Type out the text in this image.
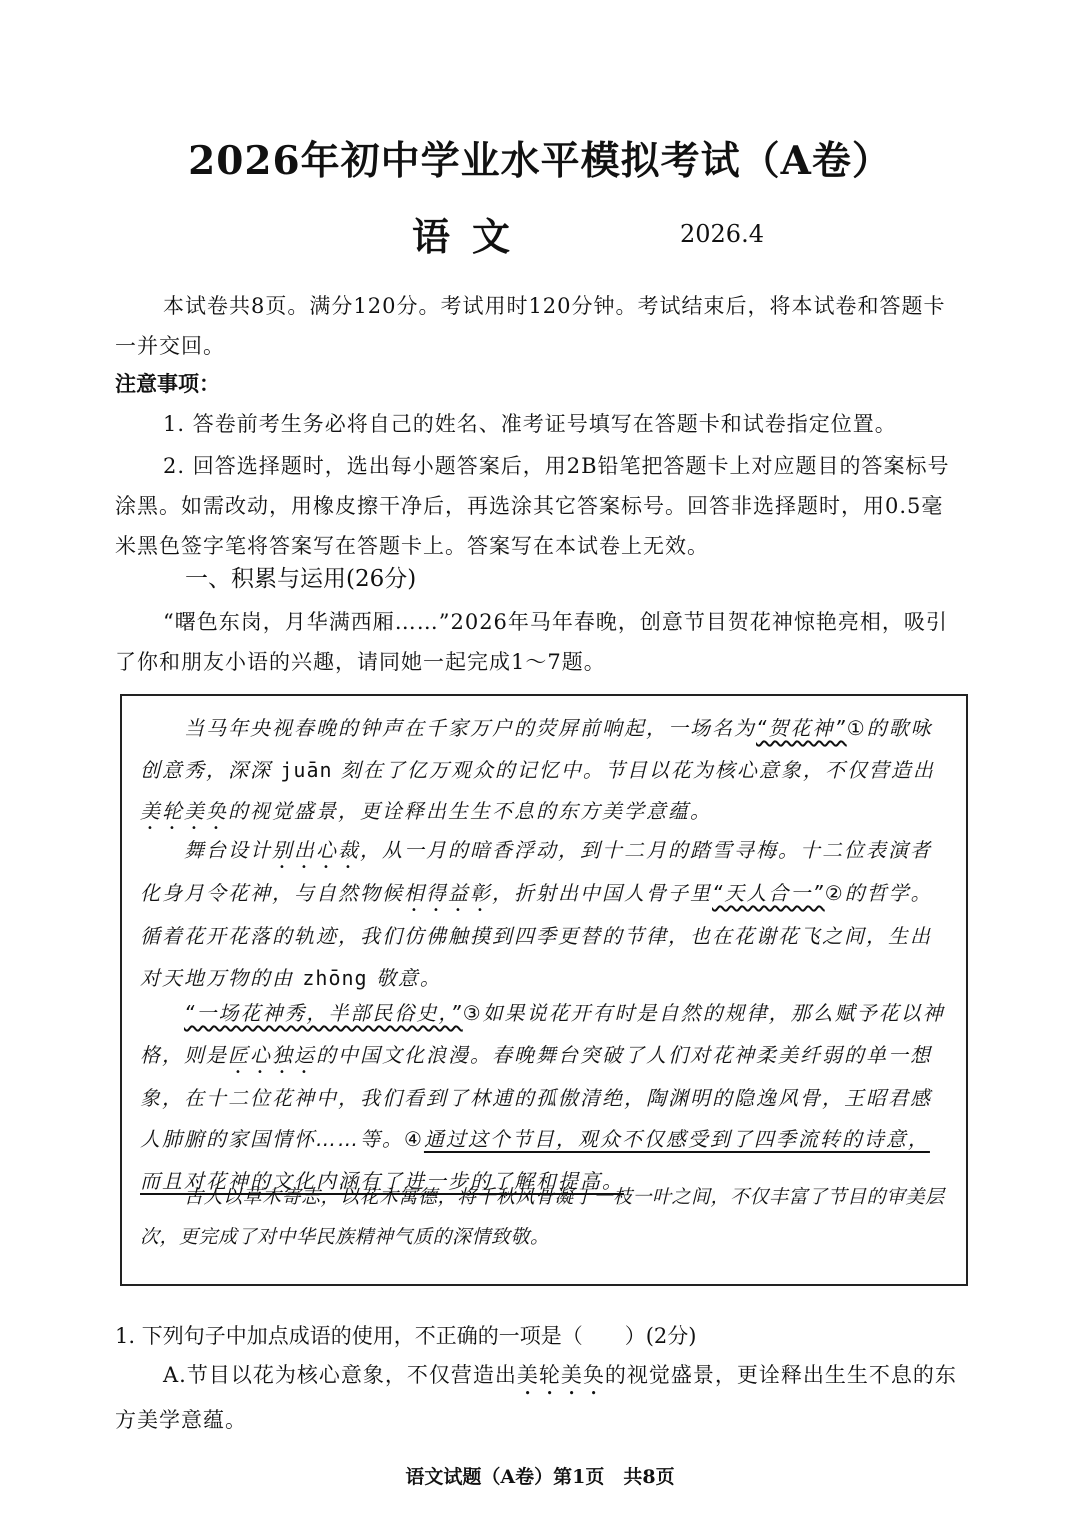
2026年初中学业水平模拟考试（A卷）
语文	2026.4
本试卷共8页。满分120分。考试用时120分钟。考试结束后，将本试卷和答题卡一并交回。
注意事项：
1. 答卷前考生务必将自己的姓名、准考证号填写在答题卡和试卷指定位置。
2. 回答选择题时，选出每小题答案后，用2B铅笔把答题卡上对应题目的答案标号涂黑。如需改动，用橡皮擦干净后，再选涂其它答案标号。回答非选择题时，用0.5毫米黑色签字笔将答案写在答题卡上。答案写在本试卷上无效。
一、积累与运用(26分)
“曙色东岗，月华满西厢……”2026年马年春晚，创意节目贺花神惊艳亮相，吸引了你和朋友小语的兴趣，请同她一起完成1～7题。
当马年央视春晚的钟声在千家万户的荧屏前响起，一场名为“贺花神”①的歌咏创意秀，深深 juān 刻在了亿万观众的记忆中。节目以花为核心意象，不仅营造出美轮美奂的视觉盛景，更诠释出生生不息的东方美学意蕴。
舞台设计别出心裁，从一月的暗香浮动，到十二月的踏雪寻梅。十二位表演者化身月令花神，与自然物候相得益彰，折射出中国人骨子里“天人合一”②的哲学。循着花开花落的轨迹，我们仿佛触摸到四季更替的节律，也在花谢花飞之间，生出对天地万物的由 zhōng 敬意。
“一场花神秀，半部民俗史，”③如果说花开有时是自然的规律，那么赋予花以神格，则是匠心独运的中国文化浪漫。春晚舞台突破了人们对花神柔美纤弱的单一想象，在十二位花神中，我们看到了林逋的孤傲清绝，陶渊明的隐逸风骨，王昭君感人肺腑的家国情怀……等。④通过这个节目，观众不仅感受到了四季流转的诗意，而且对花神的文化内涵有了进一步的了解和提高。
古人以草木寄志，以花木寓德，将千秋风骨凝于一枝一叶之间，不仅丰富了节目的审美层次，更完成了对中华民族精神气质的深情致敬。
1. 下列句子中加点成语的使用，不正确的一项是（　　）(2分)
A.节目以花为核心意象，不仅营造出美轮美奂的视觉盛景，更诠释出生生不息的东方美学意蕴。
语文试题（A卷）第1页　共8页
